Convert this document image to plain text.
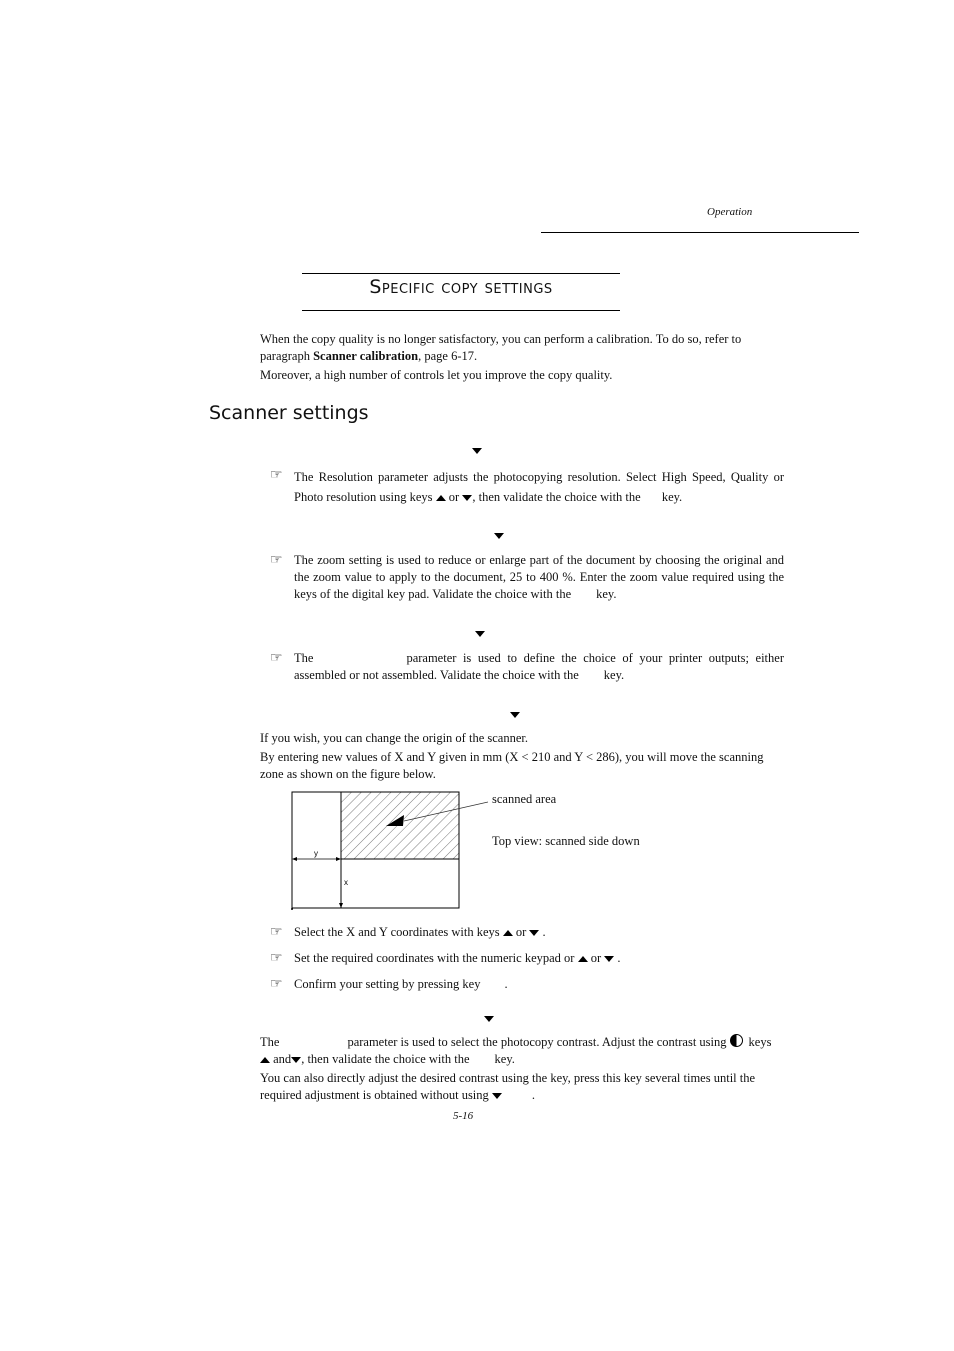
Operation
Specific copy settings
When the copy quality is no longer satisfactory, you can perform a calibration. To do so, refer to
paragraph Scanner calibration, page 6-17.
Moreover, a high number of controls let you improve the copy quality.
Scanner settings
☞ The Resolution parameter adjusts the photocopying resolution. Select High Speed, Quality or
Photo resolution using keys or , then validate the choice with the key.
☞ The zoom setting is used to reduce or enlarge part of the document by choosing the original and the zoom value to apply to the document, 25 to 400 %. Enter the zoom value required using the keys of the digital key pad. Validate the choice with the key.
☞ The	parameter is used to define the choice of your printer outputs; either
assembled or not assembled. Validate the choice with the key.
If you wish, you can change the origin of the scanner.
By entering new values of X and Y given in mm (X < 210 and Y < 286), you will move the scanning
zone as shown on the figure below.
y
x
scanned area
Top view: scanned side down
☞ Select the X and Y coordinates with keys or .
☞ Set the required coordinates with the numeric keypad or or .
☞ Confirm your setting by pressing key .
The	parameter is used to select the photocopy contrast. Adjust the contrast using keys
and , then validate the choice with the key.
You can also directly adjust the desired contrast using the key, press this key several times until the
required adjustment is obtained without using	.
5-16
